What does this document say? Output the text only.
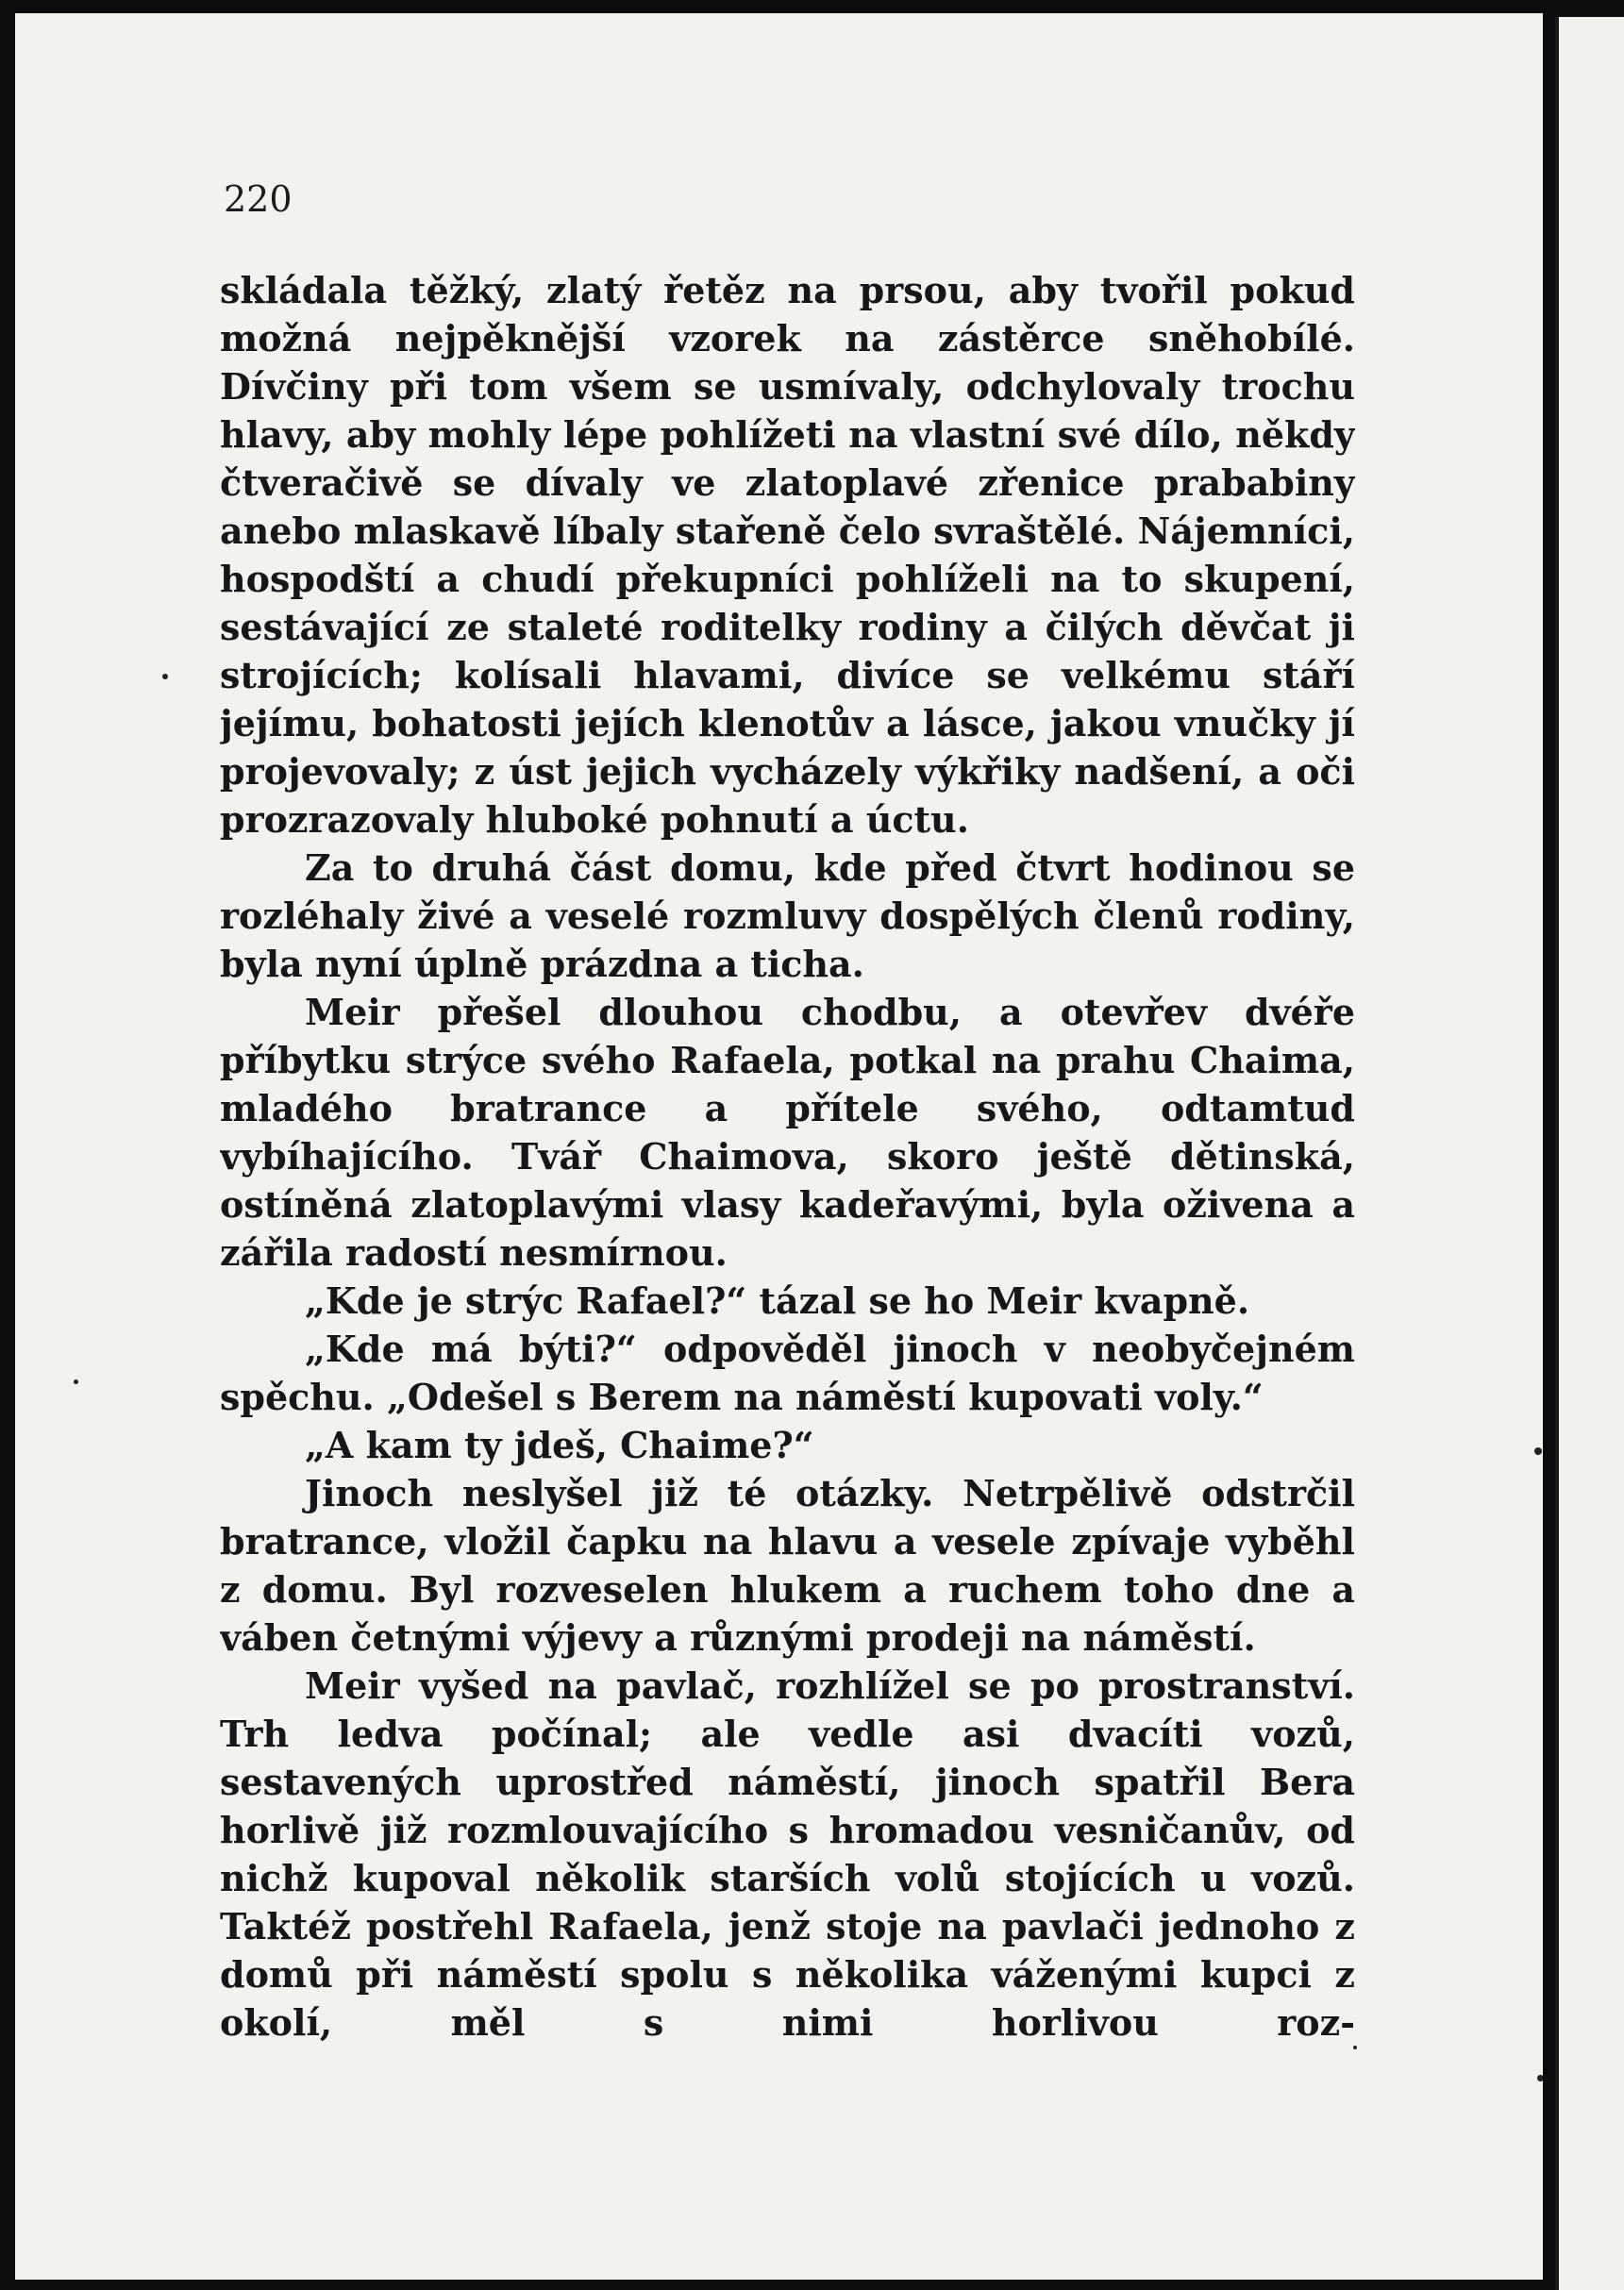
220

skládala těžký, zlatý řetěz na prsou, aby tvořil pokud možná nejpěknější vzorek na zástěrce sněhobílé. Dívčiny při tom všem se usmívaly, odchylovaly trochu hlavy, aby mohly lépe pohlížeti na vlastní své dílo, někdy čtveračivě se dívaly ve zlatoplavé zřenice prababiny anebo mlaskavě líbaly stařeně čelo svraštělé. Nájemníci, hospodští a chudí překupníci pohlíželi na to skupení, sestávající ze staleté roditelky rodiny a čilých děvčat ji strojících; kolísali hlavami, divíce se velkému stáří jejímu, bohatosti jejích klenotův a lásce, jakou vnučky jí projevovaly; z úst jejich vycházely výkřiky nadšení, a oči prozrazovaly hluboké pohnutí a úctu.

Za to druhá část domu, kde před čtvrt hodinou se rozléhaly živé a veselé rozmluvy dospělých členů rodiny, byla nyní úplně prázdna a ticha.

Meir přešel dlouhou chodbu, a otevřev dvéře příbytku strýce svého Rafaela, potkal na prahu Chaima, mladého bratrance a přítele svého, odtamtud vybíhajícího. Tvář Chaimova, skoro ještě dětinská, ostíněná zlatoplavými vlasy kadeřavými, byla oživena a zářila radostí nesmírnou.

„Kde je strýc Rafael?“ tázal se ho Meir kvapně.

„Kde má býti?“ odpověděl jinoch v neobyčejném spěchu. „Odešel s Berem na náměstí kupovati voly.“

„A kam ty jdeš, Chaime?“

Jinoch neslyšel již té otázky. Netrpělivě odstrčil bratrance, vložil čapku na hlavu a vesele zpívaje vyběhl z domu. Byl rozveselen hlukem a ruchem toho dne a váben četnými výjevy a různými prodeji na náměstí.

Meir vyšed na pavlač, rozhlížel se po prostranství. Trh ledva počínal; ale vedle asi dvacíti vozů, sestavených uprostřed náměstí, jinoch spatřil Bera horlivě již rozmlouvajícího s hromadou vesničanův, od nichž kupoval několik starších volů stojících u vozů. Taktéž postřehl Rafaela, jenž stoje na pavlači jednoho z domů při náměstí spolu s několika váženými kupci z okolí, měl s nimi horlivou roz-
